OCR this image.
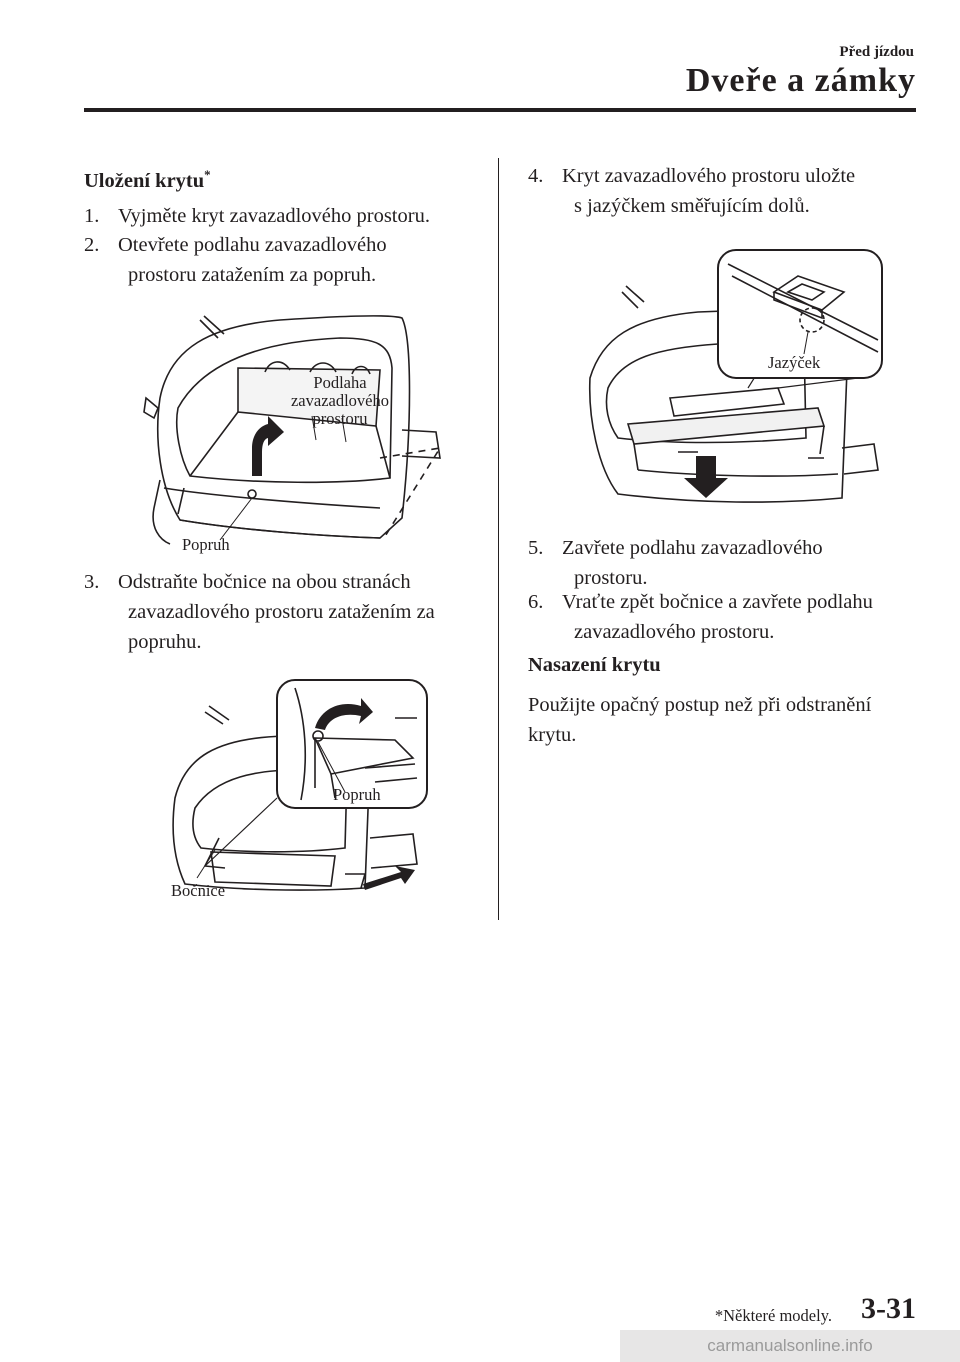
Před jízdou
Dveře a zámky
Uložení krytu*
1. Vyjměte kryt zavazadlového prostoru.
2. Otevřete podlahu zavazadlového
prostoru zatažením za popruh.
Podlaha
zavazadlového
prostoru
Popruh
3. Odstraňte bočnice na obou stranách
zavazadlového prostoru zatažením za
popruhu.
Popruh
Bočnice
4. Kryt zavazadlového prostoru uložte
s jazýčkem směřujícím dolů.
Jazýček
5. Zavřete podlahu zavazadlového
prostoru.
6. Vraťte zpět bočnice a zavřete podlahu
zavazadlového prostoru.
Nasazení krytu
Použijte opačný postup než při odstranění
krytu.
*Některé modely. 3-31
carmanualsonline.info
